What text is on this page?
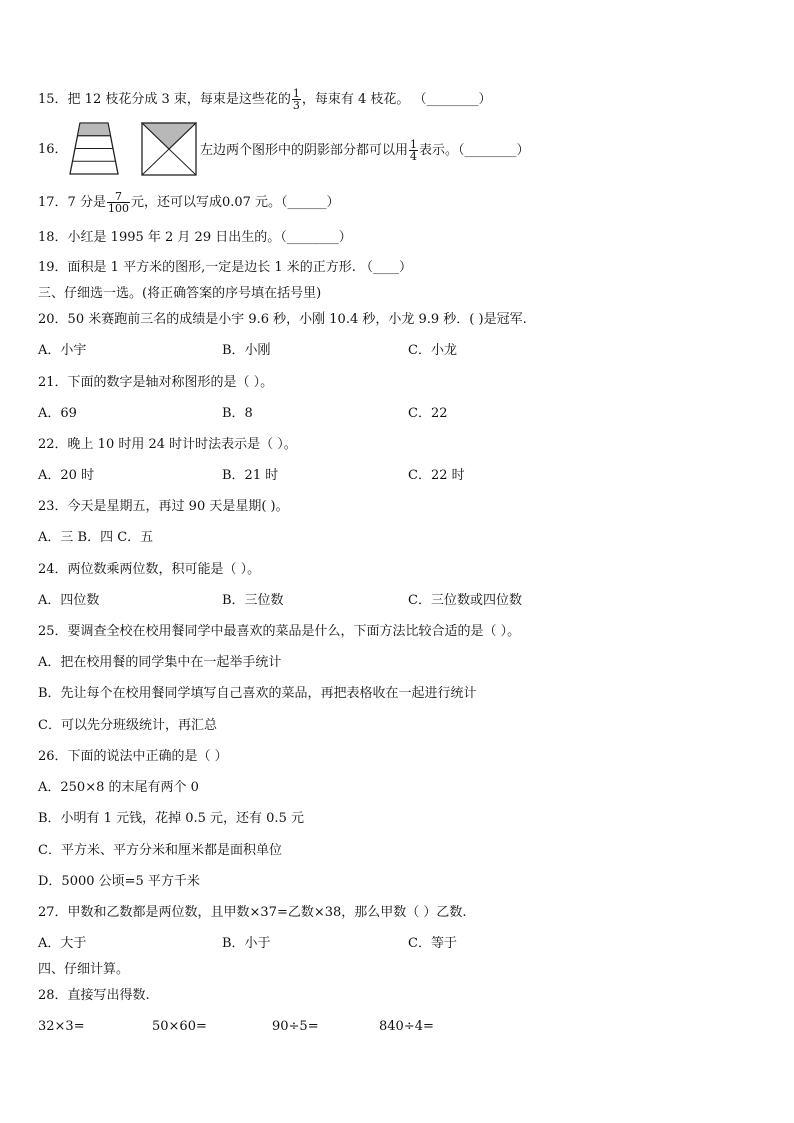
15．把 12 枝花分成 3 束，每束是这些花的 $\frac{1}{3}$ ，每束有 4 枝花。 （________）
16．	左边两个图形中的阴影部分都可以用 $\frac{1}{4}$ 表示。（________）
17．7 分是 $\frac{7}{100}$ 元，还可以写成0.07 元。（______）
18．小红是 1995 年 2 月 29 日出生的。（________）
19．面积是 1 平方米的图形,一定是边长 1 米的正方形. （____）
三、仔细选一选。(将正确答案的序号填在括号里)
20．50 米赛跑前三名的成绩是小宇 9.6 秒，小刚 10.4 秒，小龙 9.9 秒．( )是冠军.
A．小宇	B．小刚	C．小龙
21．下面的数字是轴对称图形的是（ ）。
A．69	B．8	C．22
22．晚上 10 时用 24 时计时法表示是（ ）。
A．20 时	B．21 时	C．22 时
23．今天是星期五，再过 90 天是星期( )。
A．三 B．四 C．五
24．两位数乘两位数，积可能是（ ）。
A．四位数	B．三位数	C．三位数或四位数
25．要调查全校在校用餐同学中最喜欢的菜品是什么，下面方法比较合适的是（ ）。
A．把在校用餐的同学集中在一起举手统计
B．先让每个在校用餐同学填写自己喜欢的菜品，再把表格收在一起进行统计
C．可以先分班级统计，再汇总
26．下面的说法中正确的是（ ）
A．250×8 的末尾有两个 0
B．小明有 1 元钱，花掉 0.5 元，还有 0.5 元
C．平方米、平方分米和厘米都是面积单位
D．5000 公顷=5 平方千米
27．甲数和乙数都是两位数，且甲数×37=乙数×38，那么甲数（ ）乙数.
A．大于	B．小于	C．等于
四、仔细计算。
28．直接写出得数.
32×3=	50×60=	90÷5=	840÷4=
